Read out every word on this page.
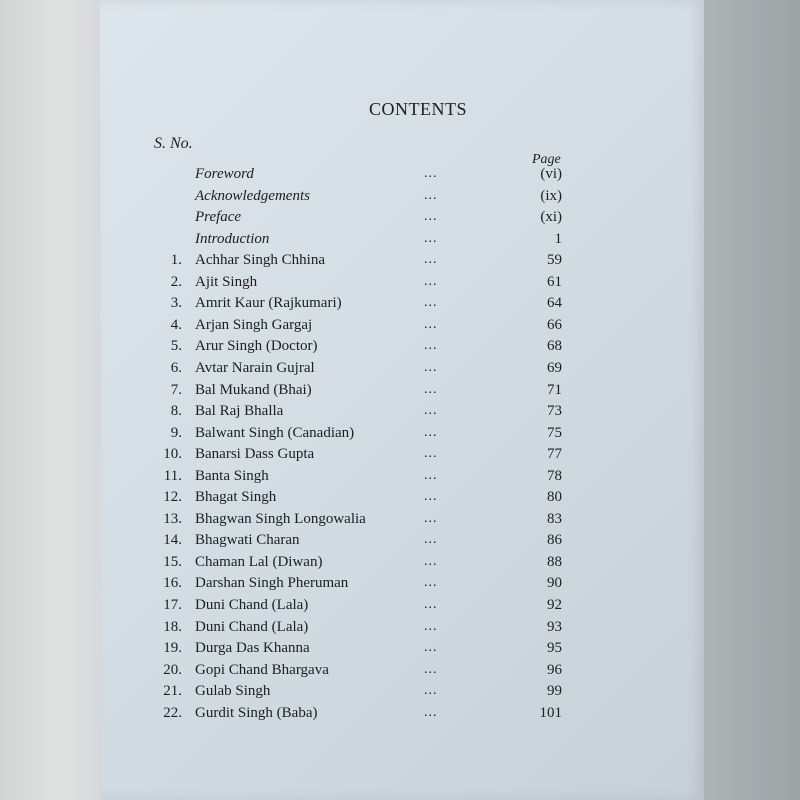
CONTENTS
S. No.
Page
Foreword	...	(vi)
Acknowledgements	...	(ix)
Preface	...	(xi)
Introduction	...	1
1. Achhar Singh Chhina	...	59
2. Ajit Singh	...	61
3. Amrit Kaur (Rajkumari)	...	64
4. Arjan Singh Gargaj	...	66
5. Arur Singh (Doctor)	...	68
6. Avtar Narain Gujral	...	69
7. Bal Mukand (Bhai)	...	71
8. Bal Raj Bhalla	...	73
9. Balwant Singh (Canadian)	...	75
10. Banarsi Dass Gupta	...	77
11. Banta Singh	...	78
12. Bhagat Singh	...	80
13. Bhagwan Singh Longowalia	...	83
14. Bhagwati Charan	...	86
15. Chaman Lal (Diwan)	...	88
16. Darshan Singh Pheruman	...	90
17. Duni Chand (Lala)	...	92
18. Duni Chand (Lala)	...	93
19. Durga Das Khanna	...	95
20. Gopi Chand Bhargava	...	96
21. Gulab Singh	...	99
22. Gurdit Singh (Baba)	...	101
